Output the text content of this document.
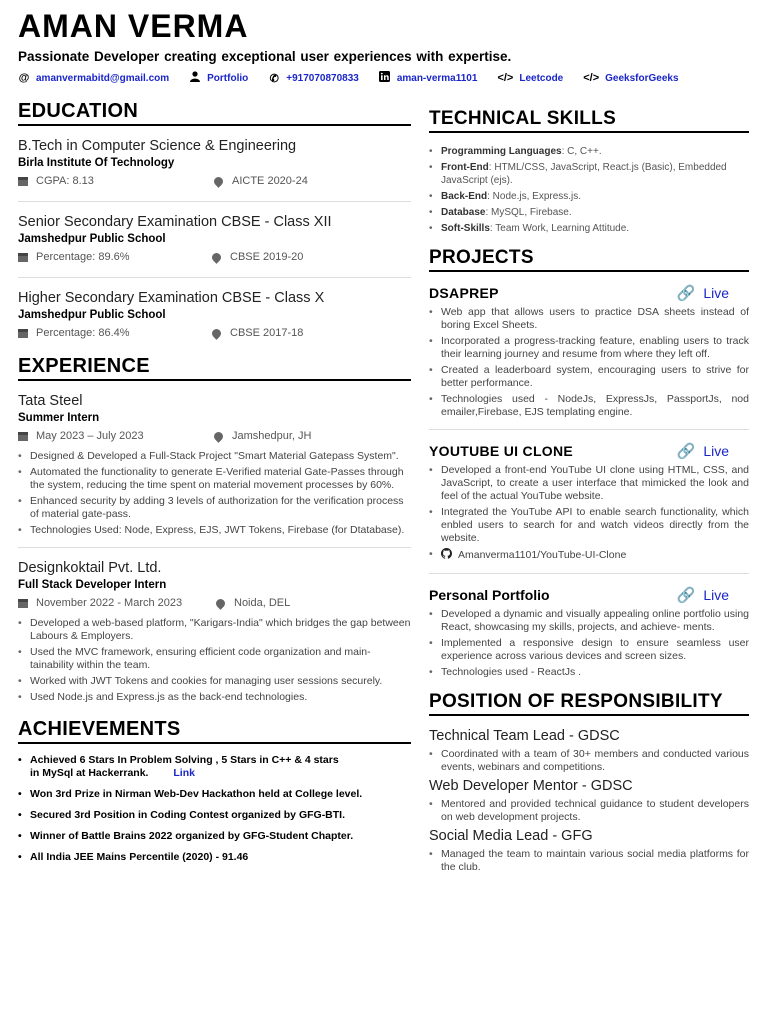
AMAN VERMA
Passionate Developer creating exceptional user experiences with expertise.
@ amanvermabitd@gmail.com	Portfolio ✆ +917070870833	aman-verma1101 </> Leetcode </> GeeksforGeeks
EDUCATION
B.Tech in Computer Science & Engineering
Birla Institute Of Technology
CGPA: 8.13	AICTE 2020-24
Senior Secondary Examination CBSE - Class XII
Jamshedpur Public School
Percentage: 89.6%	CBSE 2019-20
Higher Secondary Examination CBSE - Class X
Jamshedpur Public School
Percentage: 86.4%	CBSE 2017-18
EXPERIENCE
Tata Steel
Summer Intern
May 2023 – July 2023	Jamshedpur, JH
• Designed & Developed a Full-Stack Project "Smart Material Gatepass System".
• Automated the functionality to generate E-Verified material Gate-Passes through the system, reducing the time spent on material movement processes by 60%.
• Enhanced security by adding 3 levels of authorization for the verification process of material gate-pass.
• Technologies Used: Node, Express, EJS, JWT Tokens, Firebase (for Dtatabase).
Designkoktail Pvt. Ltd.
Full Stack Developer Intern
November 2022 - March 2023	Noida, DEL
• Developed a web-based platform, "Karigars-India" which bridges the gap between Labours & Employers.
• Used the MVC framework, ensuring efficient code organization and main- tainability within the team.
• Worked with JWT Tokens and cookies for managing user sessions securely.
• Used Node.js and Express.js as the back-end technologies.
ACHIEVEMENTS
• Achieved 6 Stars In Problem Solving , 5 Stars in C++ & 4 stars
in MySql at Hackerrank. Link
• Won 3rd Prize in Nirman Web-Dev Hackathon held at College level.
• Secured 3rd Position in Coding Contest organized by GFG-BTI.
• Winner of Battle Brains 2022 organized by GFG-Student Chapter.
• All India JEE Mains Percentile (2020) - 91.46
TECHNICAL SKILLS
• Programming Languages: C, C++.
• Front-End: HTML/CSS, JavaScript, React.js (Basic), Embedded JavaScript (ejs).
• Back-End: Node.js, Express.js.
• Database: MySQL, Firebase.
• Soft-Skills: Team Work, Learning Attitude.
PROJECTS
DSAPREP	🔗 Live
• Web app that allows users to practice DSA sheets instead of boring Excel Sheets.
• Incorporated a progress-tracking feature, enabling users to track their learning journey and resume from where they left off.
• Created a leaderboard system, encouraging users to strive for better performance.
• Technologies used - NodeJs, ExpressJs, PassportJs, nod emailer,Firebase, EJS templating engine.
YOUTUBE UI CLONE	🔗 Live
• Developed a front-end YouTube UI clone using HTML, CSS, and JavaScript, to create a user interface that mimicked the look and feel of the actual YouTube website.
• Integrated the YouTube API to enable search functionality, which enbled users to search for and watch videos directly from the website.
• Amanverma1101/YouTube-UI-Clone
Personal Portfolio	🔗 Live
• Developed a dynamic and visually appealing online portfolio using React, showcasing my skills, projects, and achieve- ments.
• Implemented a responsive design to ensure seamless user experience across various devices and screen sizes.
• Technologies used - ReactJs .
POSITION OF RESPONSIBILITY
Technical Team Lead - GDSC
• Coordinated with a team of 30+ members and conducted various events, webinars and competitions.
Web Developer Mentor - GDSC
• Mentored and provided technical guidance to student developers on web development projects.
Social Media Lead - GFG
• Managed the team to maintain various social media platforms for the club.
